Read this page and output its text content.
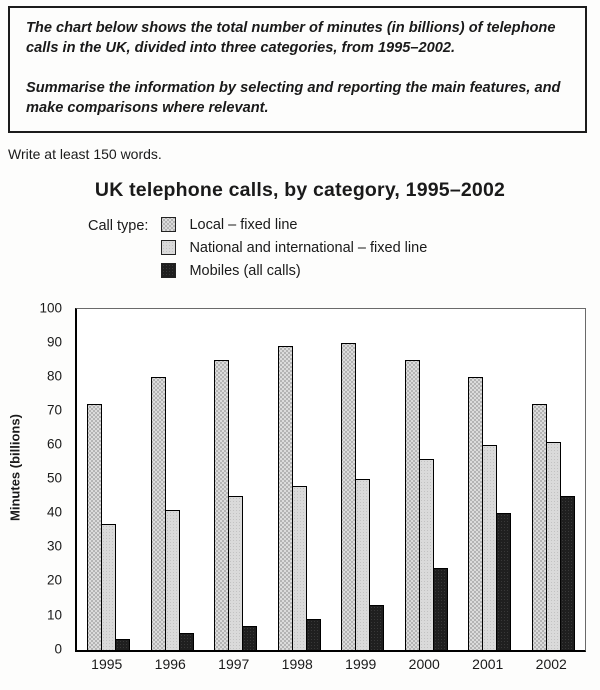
The chart below shows the total number of minutes (in billions) of telephone calls in the UK, divided into three categories, from 1995–2002.

Summarise the information by selecting and reporting the main features, and make comparisons where relevant.

Write at least 150 words.

UK telephone calls, by category, 1995–2002
Call type:	Local – fixed line
National and international – fixed line
Mobiles (all calls)
Minutes (billions)
0
10
20
30
40
50
60
70
80
90
100
1995	1996	1997	1998	1999	2000	2001	2002
